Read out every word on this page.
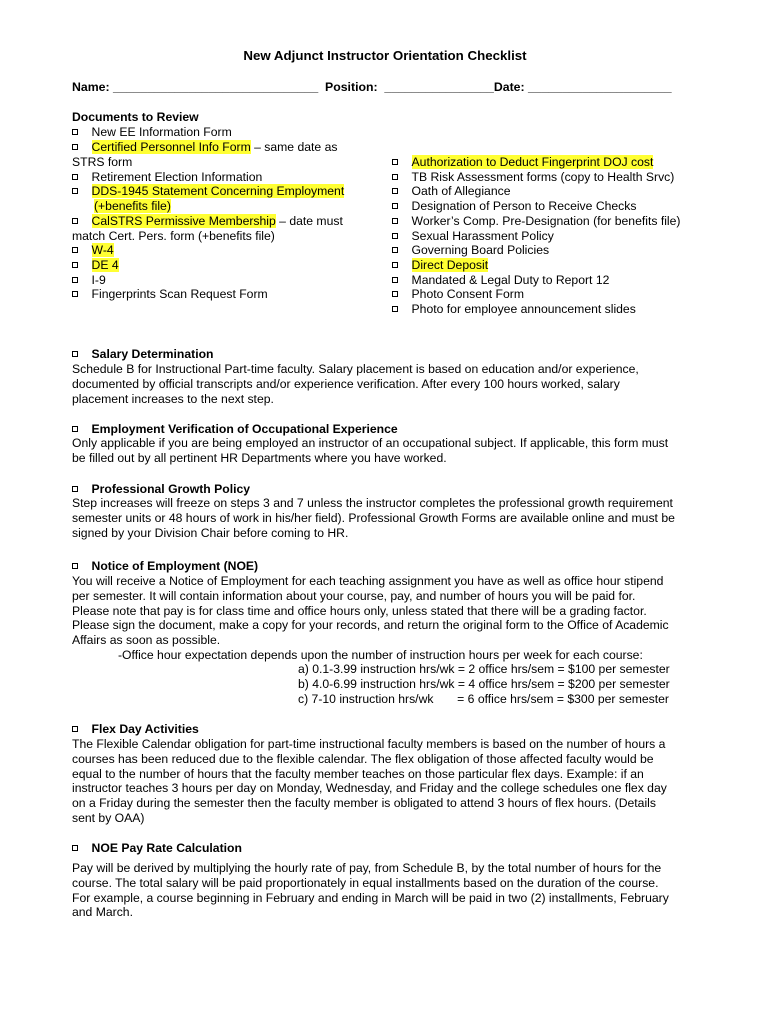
New Adjunct Instructor Orientation Checklist
Name: ______________________________  Position:  ________________Date: _____________________
Documents to Review
New EE Information Form
Certified Personnel Info Form – same date as
STRS form
Retirement Election Information
DDS-1945 Statement Concerning Employment
(+benefits file)
CalSTRS Permissive Membership – date must
match Cert. Pers. form (+benefits file)
W-4
DE 4
I-9
Fingerprints Scan Request Form
Authorization to Deduct Fingerprint DOJ cost
TB Risk Assessment forms (copy to Health Srvc)
Oath of Allegiance
Designation of Person to Receive Checks
Worker’s Comp. Pre-Designation (for benefits file)
Sexual Harassment Policy
Governing Board Policies
Direct Deposit
Mandated & Legal Duty to Report 12
Photo Consent Form
Photo for employee announcement slides
Salary Determination
Schedule B for Instructional Part-time faculty. Salary placement is based on education and/or experience,
documented by official transcripts and/or experience verification. After every 100 hours worked, salary
placement increases to the next step.
Employment Verification of Occupational Experience
Only applicable if you are being employed an instructor of an occupational subject. If applicable, this form must
be filled out by all pertinent HR Departments where you have worked.
Professional Growth Policy
Step increases will freeze on steps 3 and 7 unless the instructor completes the professional growth requirement
semester units or 48 hours of work in his/her field). Professional Growth Forms are available online and must be
signed by your Division Chair before coming to HR.
Notice of Employment (NOE)
You will receive a Notice of Employment for each teaching assignment you have as well as office hour stipend
per semester. It will contain information about your course, pay, and number of hours you will be paid for.
Please note that pay is for class time and office hours only, unless stated that there will be a grading factor.
Please sign the document, make a copy for your records, and return the original form to the Office of Academic
Affairs as soon as possible.
-Office hour expectation depends upon the number of instruction hours per week for each course:
a) 0.1-3.99 instruction hrs/wk = 2 office hrs/sem = $100 per semester
b) 4.0-6.99 instruction hrs/wk = 4 office hrs/sem = $200 per semester
c) 7-10 instruction hrs/wk       = 6 office hrs/sem = $300 per semester
Flex Day Activities
The Flexible Calendar obligation for part-time instructional faculty members is based on the number of hours a
courses has been reduced due to the flexible calendar. The flex obligation of those affected faculty would be
equal to the number of hours that the faculty member teaches on those particular flex days. Example: if an
instructor teaches 3 hours per day on Monday, Wednesday, and Friday and the college schedules one flex day
on a Friday during the semester then the faculty member is obligated to attend 3 hours of flex hours. (Details
sent by OAA)
NOE Pay Rate Calculation
Pay will be derived by multiplying the hourly rate of pay, from Schedule B, by the total number of hours for the
course. The total salary will be paid proportionately in equal installments based on the duration of the course.
For example, a course beginning in February and ending in March will be paid in two (2) installments, February
and March.
